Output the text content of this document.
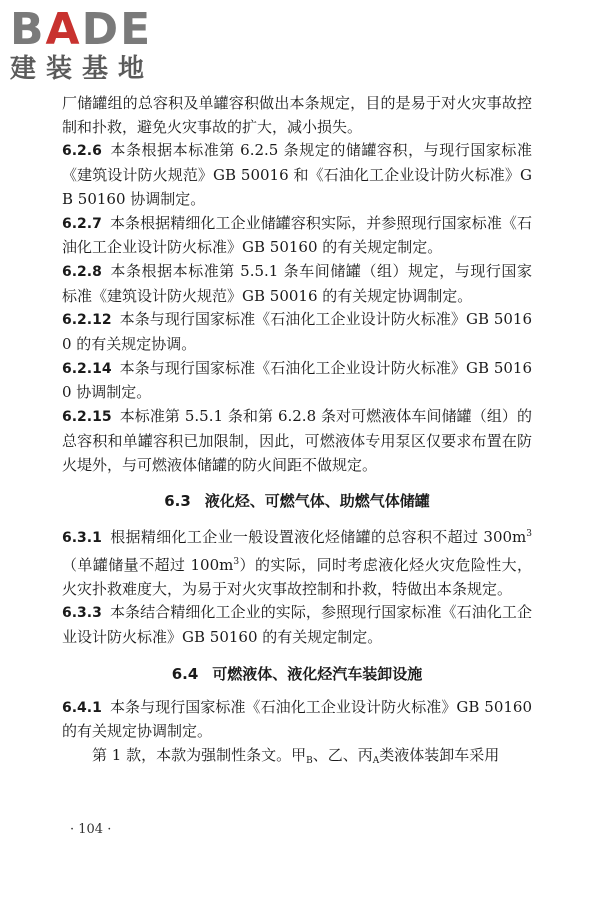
BADE
建装基地

厂储罐组的总容积及单罐容积做出本条规定，目的是易于对火灾事故控制和扑救，避免火灾事故的扩大，减小损失。

6.2.6 本条根据本标准第 6.2.5 条规定的储罐容积，与现行国家标准《建筑设计防火规范》GB 50016 和《石油化工企业设计防火标准》GB 50160 协调制定。

6.2.7 本条根据精细化工企业储罐容积实际，并参照现行国家标准《石油化工企业设计防火标准》GB 50160 的有关规定制定。

6.2.8 本条根据本标准第 5.5.1 条车间储罐（组）规定，与现行国家标准《建筑设计防火规范》GB 50016 的有关规定协调制定。

6.2.12 本条与现行国家标准《石油化工企业设计防火标准》GB 50160 的有关规定协调。

6.2.14 本条与现行国家标准《石油化工企业设计防火标准》GB 50160 协调制定。

6.2.15 本标准第 5.5.1 条和第 6.2.8 条对可燃液体车间储罐（组）的总容积和单罐容积已加限制，因此，可燃液体专用泵区仅要求布置在防火堤外，与可燃液体储罐的防火间距不做规定。

6.3 液化烃、可燃气体、助燃气体储罐

6.3.1 根据精细化工企业一般设置液化烃储罐的总容积不超过 $300m^3$（单罐储量不超过 $100m^3$）的实际，同时考虑液化烃火灾危险性大，火灾扑救难度大，为易于对火灾事故控制和扑救，特做出本条规定。

6.3.3 本条结合精细化工企业的实际，参照现行国家标准《石油化工企业设计防火标准》GB 50160 的有关规定制定。

6.4 可燃液体、液化烃汽车装卸设施

6.4.1 本条与现行国家标准《石油化工企业设计防火标准》GB 50160 的有关规定协调制定。

第 1 款，本款为强制性条文。甲$_B$、乙、丙$_A$类液体装卸车采用

· 104 ·
